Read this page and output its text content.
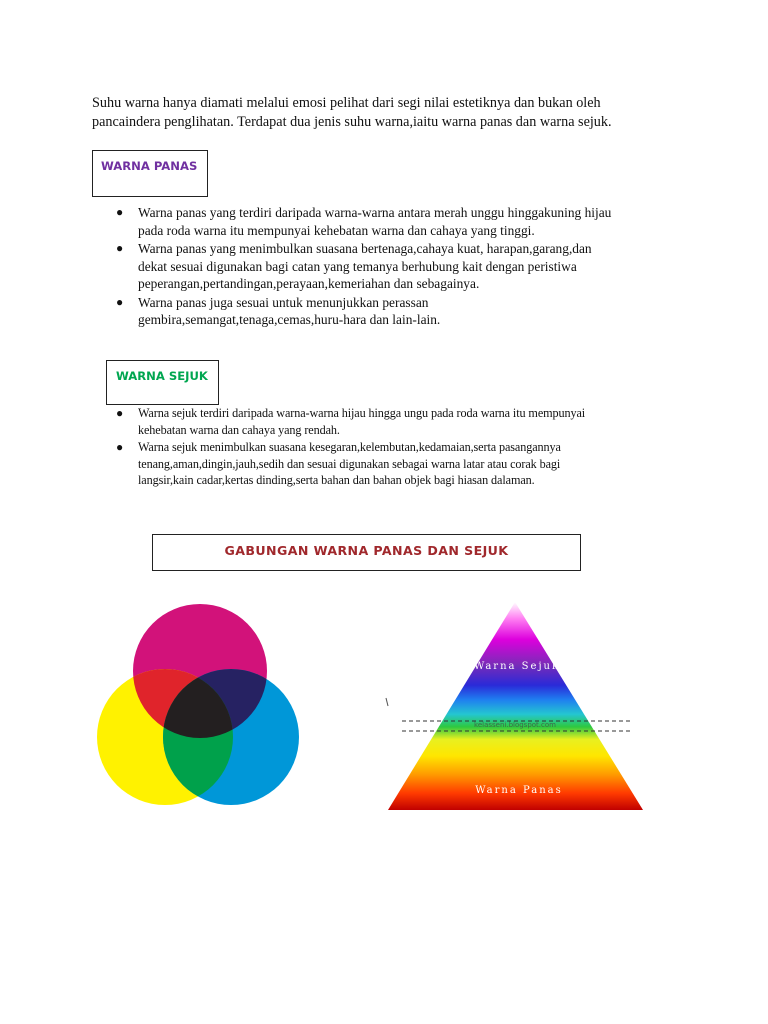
Suhu warna hanya diamati melalui emosi pelihat dari segi nilai estetiknya dan bukan oleh
pancaindera penglihatan. Terdapat dua jenis suhu warna,iaitu warna panas dan warna sejuk.

WARNA PANAS
● Warna panas yang terdiri daripada warna-warna antara merah unggu hinggakuning hijau
pada roda warna itu mempunyai kehebatan warna dan cahaya yang tinggi.
● Warna panas yang menimbulkan suasana bertenaga,cahaya kuat, harapan,garang,dan
dekat sesuai digunakan bagi catan yang temanya berhubung kait dengan peristiwa
peperangan,pertandingan,perayaan,kemeriahan dan sebagainya.
● Warna panas juga sesuai untuk menunjukkan perassan
gembira,semangat,tenaga,cemas,huru-hara dan lain-lain.
WARNA SEJUK
● Warna sejuk terdiri daripada warna-warna hijau hingga ungu pada roda warna itu mempunyai
kehebatan warna dan cahaya yang rendah.
● Warna sejuk menimbulkan suasana kesegaran,kelembutan,kedamaian,serta pasangannya
tenang,aman,dingin,jauh,sedih dan sesuai digunakan sebagai warna latar atau corak bagi
langsir,kain cadar,kertas dinding,serta bahan dan bahan objek bagi hiasan dalaman.
GABUNGAN WARNA PANAS DAN SEJUK
kelasseni.blogspot.com
Warna Sejuk
Warna Panas
